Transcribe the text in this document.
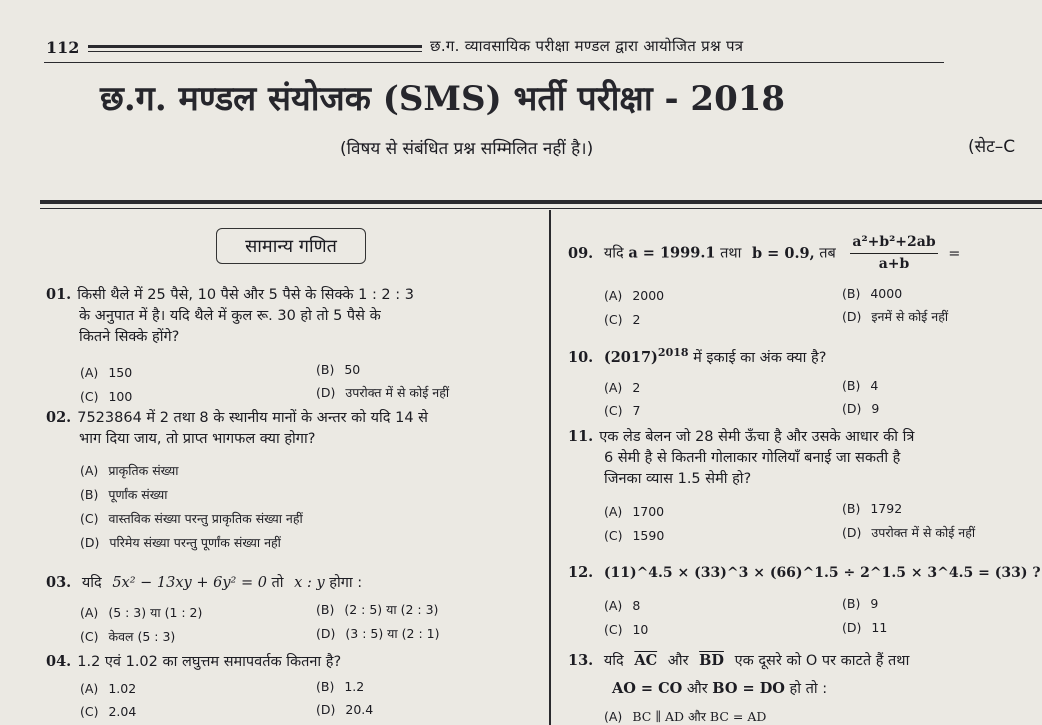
112	छ.ग. व्यावसायिक परीक्षा मण्डल द्वारा आयोजित प्रश्न पत्र
छ.ग. मण्डल संयोजक (SMS) भर्ती परीक्षा - 2018
(विषय से संबंधित प्रश्न सम्मिलित नहीं है।)	(सेट–C
सामान्य गणित
01. किसी थैले में 25 पैसे, 10 पैसे और 5 पैसे के सिक्के 1 : 2 : 3
के अनुपात में है। यदि थैले में कुल रू. 30 हो तो 5 पैसे के
कितने सिक्के होंगे?
(A) 150	(B) 50
(C) 100	(D) उपरोक्त में से कोई नहीं
02. 7523864 में 2 तथा 8 के स्थानीय मानों के अन्तर को यदि 14 से
भाग दिया जाय, तो प्राप्त भागफल क्या होगा?
(A) प्राकृतिक संख्या
(B) पूर्णांक संख्या
(C) वास्तविक संख्या परन्तु प्राकृतिक संख्या नहीं
(D) परिमेय संख्या परन्तु पूर्णांक संख्या नहीं
03. यदि 5x² − 13xy + 6y² = 0 तो x : y होगा :
(A) (5 : 3) या (1 : 2)	(B) (2 : 5) या (2 : 3)
(C) केवल (5 : 3)	(D) (3 : 5) या (2 : 1)
04. 1.2 एवं 1.02 का लघुत्तम समापवर्तक कितना है?
(A) 1.02	(B) 1.2
(C) 2.04	(D) 20.4
09. यदि a = 1999.1 तथा b = 0.9, तब $\frac{\text{a²+b²+2ab}}{a+b}$ =
(A) 2000	(B) 4000
(C) 2	(D) इनमें से कोई नहीं
10. $(2017)^{2018}$ में इकाई का अंक क्या है?
(A) 2	(B) 4
(C) 7	(D) 9
11. एक लेड बेलन जो 28 सेमी ऊँचा है और उसके आधार की त्रि
6 सेमी है से कितनी गोलाकार गोलियाँ बनाई जा सकती है
जिनका व्यास 1.5 सेमी हो?
(A) 1700	(B) 1792
(C) 1590	(D) उपरोक्त में से कोई नहीं
12. (11)^4.5 × (33)^3 × (66)^1.5 ÷ 2^1.5 × 3^4.5 = (33) ?
(A) 8	(B) 9
(C) 10	(D) 11
13. यदि $\overline{AC}$ और $\overline{BD}$ एक दूसरे को O पर काटते हैं तथा
AO = CO और BO = DO हो तो :
(A) BC ∥ AD और BC = AD
